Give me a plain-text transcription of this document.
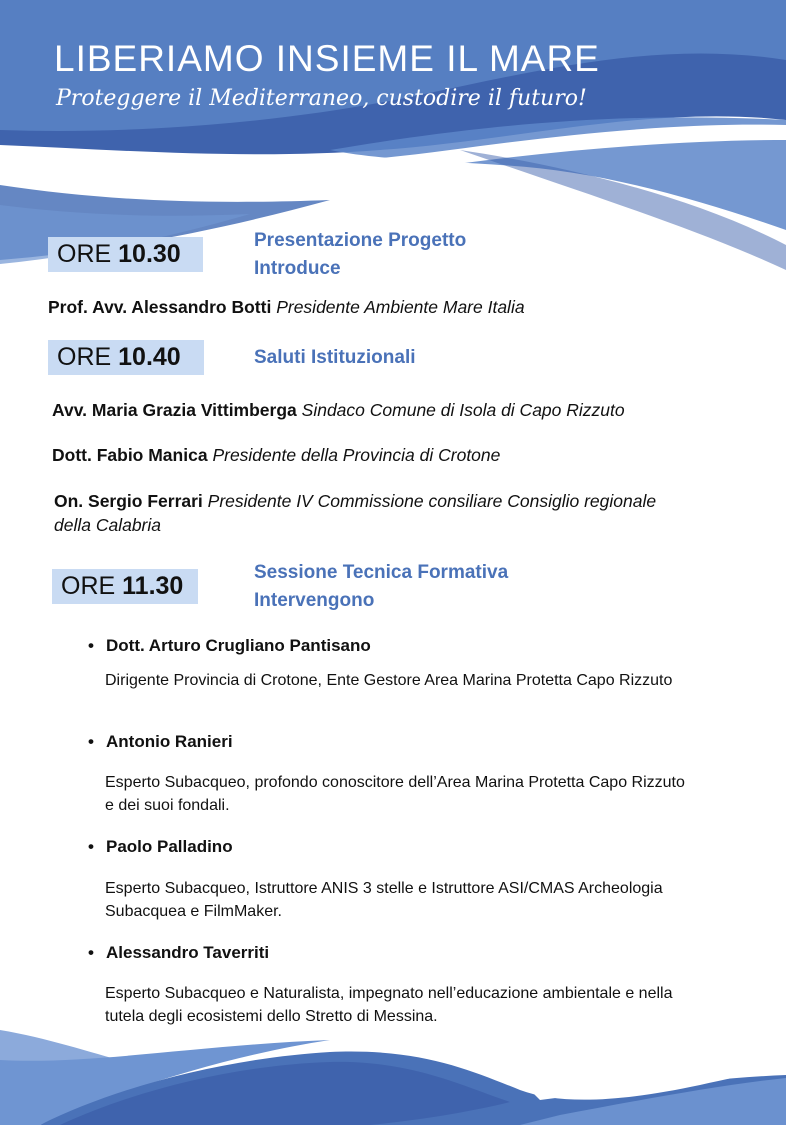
LIBERIAMO INSIEME IL MARE

Proteggere il Mediterraneo, custodire il futuro!

ORE 10.30	Presentazione Progetto
Introduce

Prof. Avv. Alessandro Botti Presidente Ambiente Mare Italia

ORE 10.40	Saluti Istituzionali

Avv. Maria Grazia Vittimberga Sindaco Comune di Isola di Capo Rizzuto

Dott. Fabio Manica Presidente della Provincia di Crotone

On. Sergio Ferrari Presidente IV Commissione consiliare Consiglio regionale della Calabria

ORE 11.30	Sessione Tecnica Formativa
Intervengono

• Dott. Arturo Crugliano Pantisano

Dirigente Provincia di Crotone, Ente Gestore Area Marina Protetta Capo Rizzuto

• Antonio Ranieri

Esperto Subacqueo, profondo conoscitore dell’Area Marina Protetta Capo Rizzuto e dei suoi fondali.

• Paolo Palladino

Esperto Subacqueo, Istruttore ANIS 3 stelle e Istruttore ASI/CMAS Archeologia Subacquea e FilmMaker.

• Alessandro Taverriti

Esperto Subacqueo e Naturalista, impegnato nell’educazione ambientale e nella tutela degli ecosistemi dello Stretto di Messina.
